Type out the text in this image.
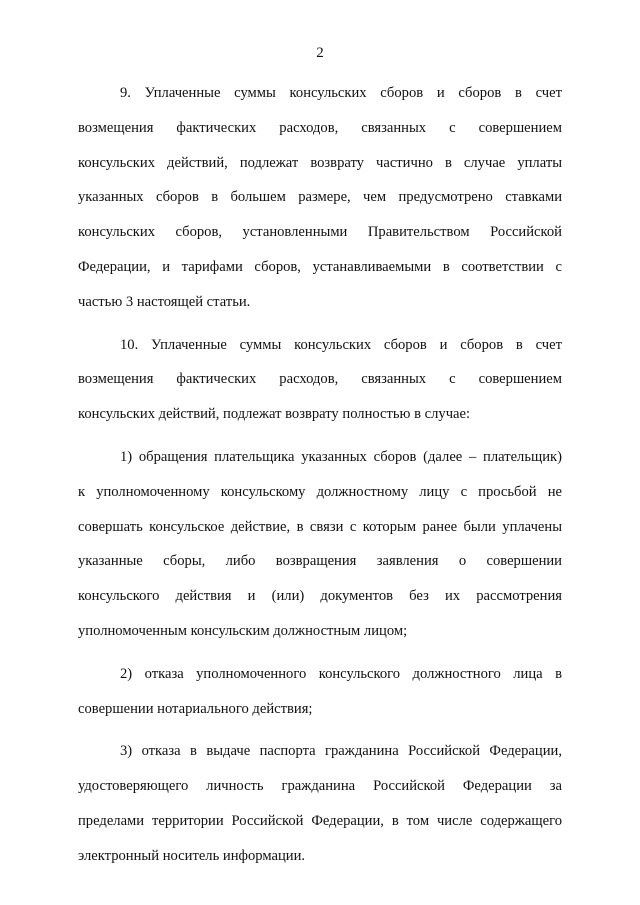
2
9. Уплаченные суммы консульских сборов и сборов в счет
возмещения фактических расходов, связанных с совершением
консульских действий, подлежат возврату частично в случае уплаты
указанных сборов в большем размере, чем предусмотрено ставками
консульских сборов, установленными Правительством Российской
Федерации, и тарифами сборов, устанавливаемыми в соответствии с
частью 3 настоящей статьи.
10. Уплаченные суммы консульских сборов и сборов в счет
возмещения фактических расходов, связанных с совершением
консульских действий, подлежат возврату полностью в случае:
1) обращения плательщика указанных сборов (далее – плательщик)
к уполномоченному консульскому должностному лицу с просьбой не
совершать консульское действие, в связи с которым ранее были уплачены
указанные сборы, либо возвращения заявления о совершении
консульского действия и (или) документов без их рассмотрения
уполномоченным консульским должностным лицом;
2) отказа уполномоченного консульского должностного лица в
совершении нотариального действия;
3) отказа в выдаче паспорта гражданина Российской Федерации,
удостоверяющего личность гражданина Российской Федерации за
пределами территории Российской Федерации, в том числе содержащего
электронный носитель информации.
